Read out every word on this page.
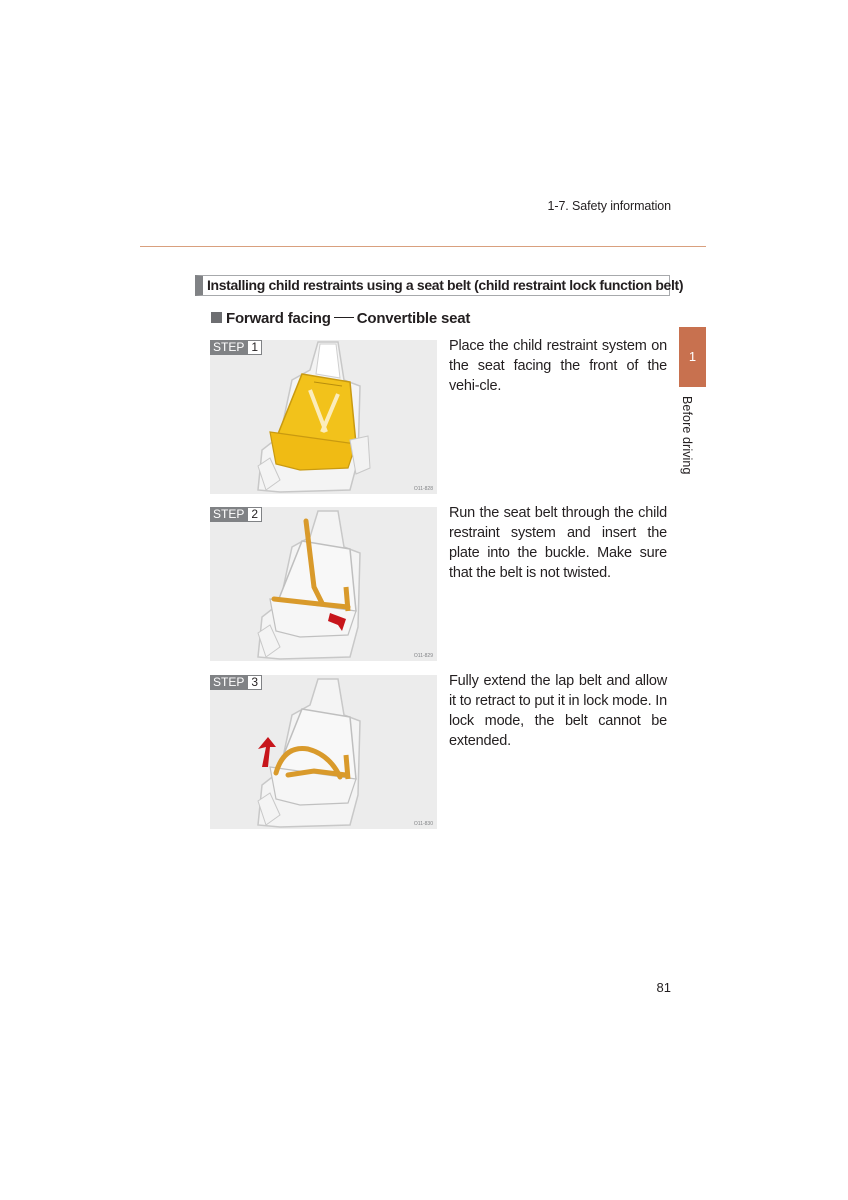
1-7. Safety information
1
Before driving
Installing child restraints using a seat belt (child restraint lock function belt)
Forward facing Convertible seat
STEP 1
O11-828
Place the child restraint system on the seat facing the front of the vehi-cle.
STEP 2
O11-829
Run the seat belt through the child restraint system and insert the plate into the buckle. Make sure that the belt is not twisted.
STEP 3
O11-830
Fully extend the lap belt and allow it to retract to put it in lock mode. In lock mode, the belt cannot be extended.
81
